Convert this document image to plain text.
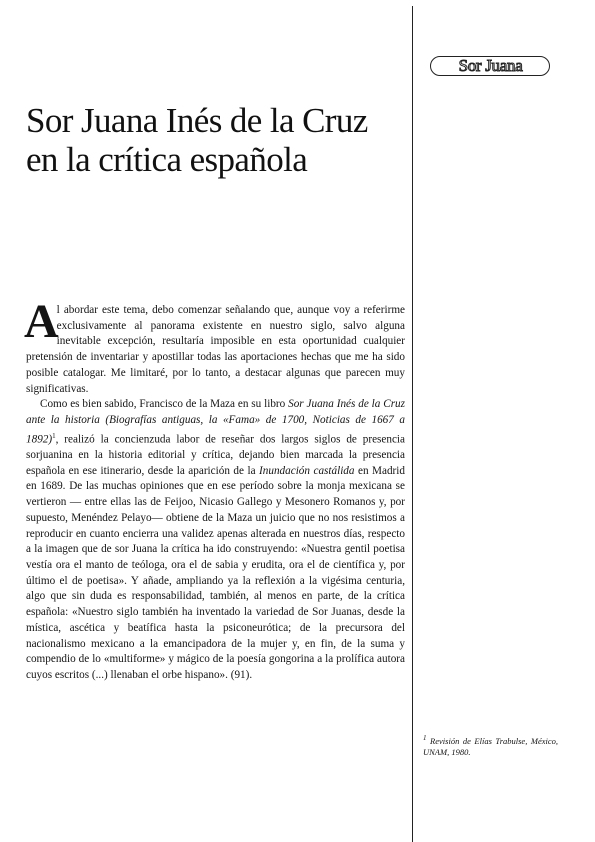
Sor Juana
Sor Juana Inés de la Cruz en la crítica española

Al abordar este tema, debo comenzar señalando que, aunque voy a referirme exclusivamente al panorama existente en nuestro siglo, salvo alguna inevitable excepción, resultaría imposible en esta oportunidad cualquier pretensión de inventariar y apostillar todas las aportaciones hechas que me ha sido posible catalogar. Me limitaré, por lo tanto, a destacar algunas que parecen muy significativas.

Como es bien sabido, Francisco de la Maza en su libro Sor Juana Inés de la Cruz ante la historia (Biografías antiguas, la «Fama» de 1700, Noticias de 1667 a 1892)$^1$, realizó la concienzuda labor de reseñar dos largos siglos de presencia sorjuanina en la historia editorial y crítica, dejando bien marcada la presencia española en ese itinerario, desde la aparición de la Inundación castálida en Madrid en 1689. De las muchas opiniones que en ese período sobre la monja mexicana se vertieron — entre ellas las de Feijoo, Nicasio Gallego y Mesonero Romanos y, por supuesto, Menéndez Pelayo— obtiene de la Maza un juicio que no nos resistimos a reproducir en cuanto encierra una validez apenas alterada en nuestros días, respecto a la imagen que de sor Juana la crítica ha ido construyendo: «Nuestra gentil poetisa vestía ora el manto de teóloga, ora el de sabia y erudita, ora el de científica y, por último el de poetisa». Y añade, ampliando ya la reflexión a la vigésima centuria, algo que sin duda es responsabilidad, también, al menos en parte, de la crítica española: «Nuestro siglo también ha inventado la variedad de Sor Juanas, desde la mística, ascética y beatífica hasta la psiconeurótica; de la precursora del nacionalismo mexicano a la emancipadora de la mujer y, en fin, de la suma y compendio de lo «multiforme» y mágico de la poesía gongorina a la prolífica autora cuyos escritos (...) llenaban el orbe hispano». (91).

$^1$ Revisión de Elías Trabulse, México, UNAM, 1980.
